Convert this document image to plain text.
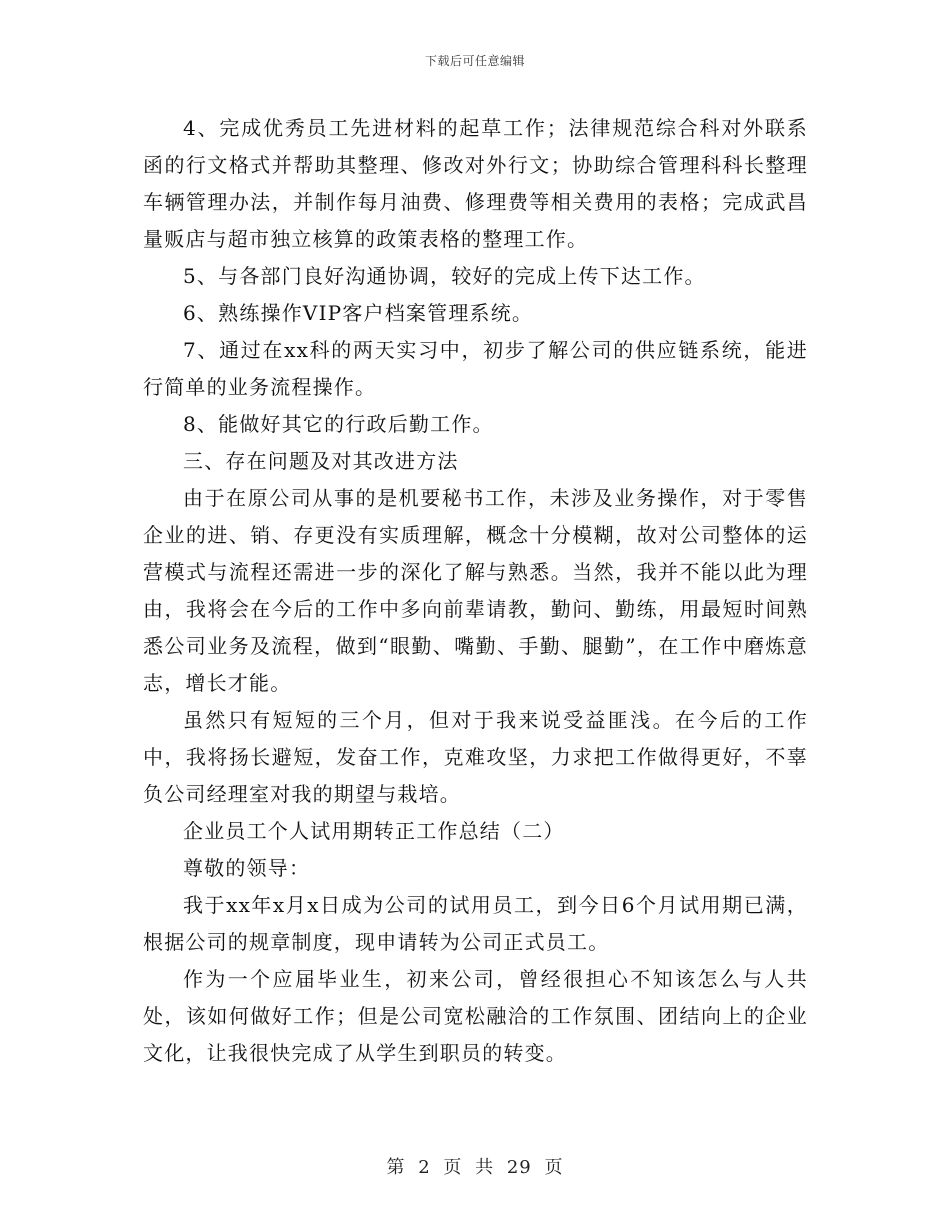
下载后可任意编辑

4、完成优秀员工先进材料的起草工作；法律规范综合科对外联系函的行文格式并帮助其整理、修改对外行文；协助综合管理科科长整理车辆管理办法，并制作每月油费、修理费等相关费用的表格；完成武昌量贩店与超市独立核算的政策表格的整理工作。

5、与各部门良好沟通协调，较好的完成上传下达工作。

6、熟练操作VIP客户档案管理系统。

7、通过在xx科的两天实习中，初步了解公司的供应链系统，能进行简单的业务流程操作。

8、能做好其它的行政后勤工作。

三、存在问题及对其改进方法

由于在原公司从事的是机要秘书工作，未涉及业务操作，对于零售企业的进、销、存更没有实质理解，概念十分模糊，故对公司整体的运营模式与流程还需进一步的深化了解与熟悉。当然，我并不能以此为理由，我将会在今后的工作中多向前辈请教，勤问、勤练，用最短时间熟悉公司业务及流程，做到“眼勤、嘴勤、手勤、腿勤”，在工作中磨炼意志，增长才能。

虽然只有短短的三个月，但对于我来说受益匪浅。在今后的工作中，我将扬长避短，发奋工作，克难攻坚，力求把工作做得更好，不辜负公司经理室对我的期望与栽培。

企业员工个人试用期转正工作总结（二）

尊敬的领导：

我于xx年x月x日成为公司的试用员工，到今日6个月试用期已满，根据公司的规章制度，现申请转为公司正式员工。

作为一个应届毕业生，初来公司，曾经很担心不知该怎么与人共处，该如何做好工作；但是公司宽松融洽的工作氛围、团结向上的企业文化，让我很快完成了从学生到职员的转变。

第 2 页 共 29 页
